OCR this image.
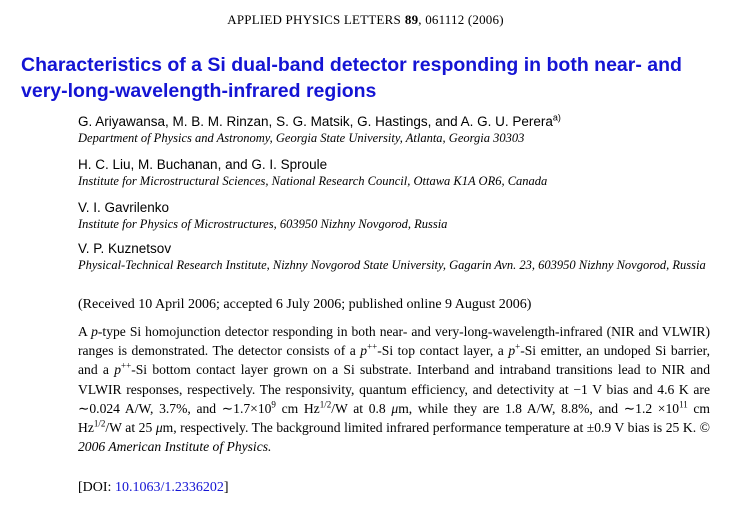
APPLIED PHYSICS LETTERS 89, 061112 (2006)
Characteristics of a Si dual-band detector responding in both near- and very-long-wavelength-infrared regions
G. Ariyawansa, M. B. M. Rinzan, S. G. Matsik, G. Hastings, and A. G. U. Perera$^{a)}$
Department of Physics and Astronomy, Georgia State University, Atlanta, Georgia 30303
H. C. Liu, M. Buchanan, and G. I. Sproule
Institute for Microstructural Sciences, National Research Council, Ottawa K1A OR6, Canada
V. I. Gavrilenko
Institute for Physics of Microstructures, 603950 Nizhny Novgorod, Russia
V. P. Kuznetsov
Physical-Technical Research Institute, Nizhny Novgorod State University, Gagarin Avn. 23, 603950 Nizhny Novgorod, Russia
(Received 10 April 2006; accepted 6 July 2006; published online 9 August 2006)
A p-type Si homojunction detector responding in both near- and very-long-wavelength-infrared (NIR and VLWIR) ranges is demonstrated. The detector consists of a p++-Si top contact layer, a p+-Si emitter, an undoped Si barrier, and a p++-Si bottom contact layer grown on a Si substrate. Interband and intraband transitions lead to NIR and VLWIR responses, respectively. The responsivity, quantum efficiency, and detectivity at −1 V bias and 4.6 K are ∼0.024 A/W, 3.7%, and $\sim 1.7\times 10^9$ cm $Hz^{1/2}/W$ at 0.8 μm, while they are 1.8 A/W, 8.8%, and ∼1.2 $\times 10^{11}$ cm $Hz^{1/2}/W$ at 25 μm, respectively. The background limited infrared performance temperature at ±0.9 V bias is 25 K. © 2006 American Institute of Physics.
[DOI: 10.1063/1.2336202]
